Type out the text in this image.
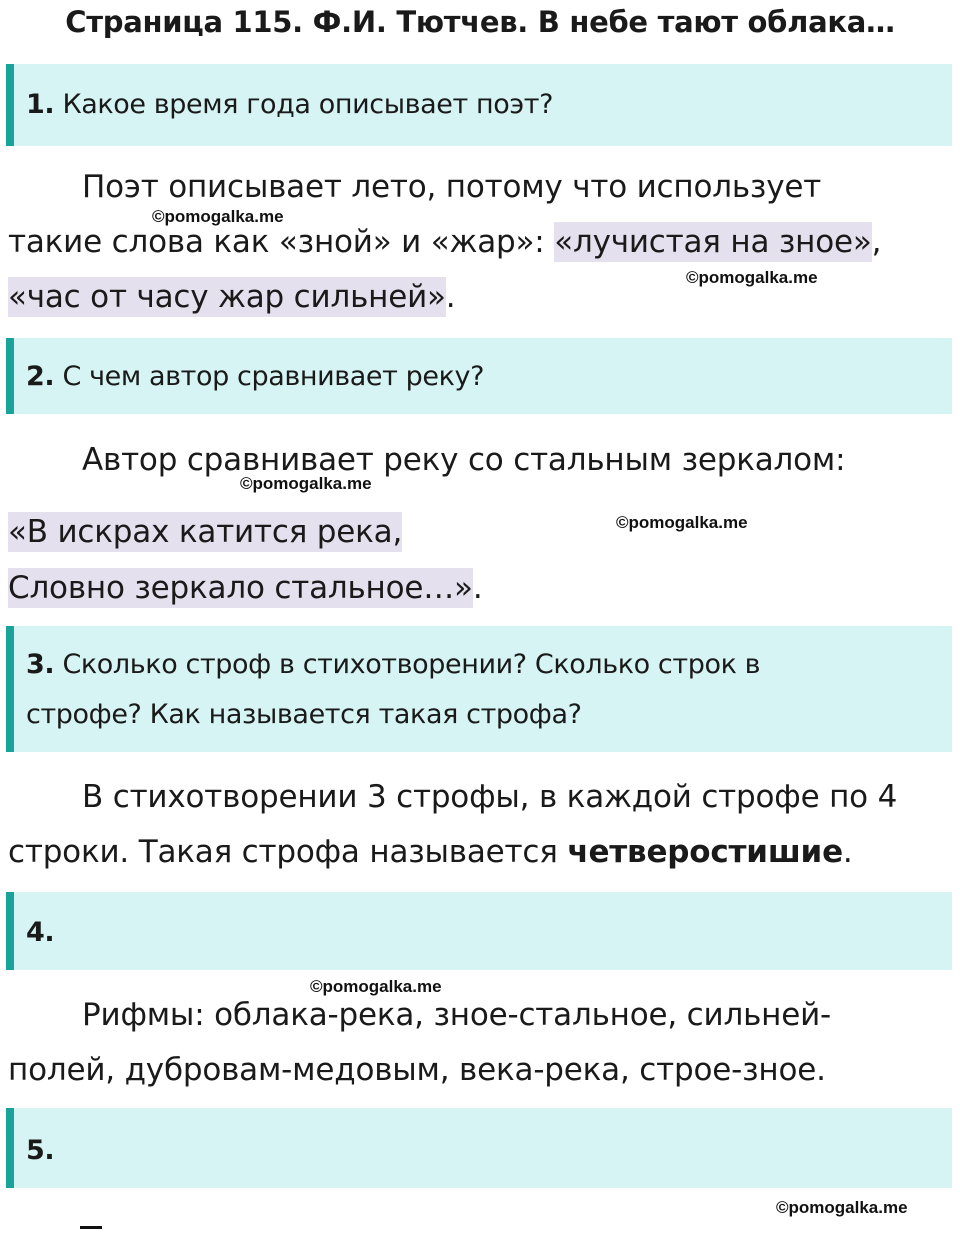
Страница 115. Ф.И. Тютчев. В небе тают облака…
1. Какое время года описывает поэт?
Поэт описывает лето, потому что использует
такие слова как «зной» и «жар»: «лучистая на зное»,
«час от часу жар сильней».
2. С чем автор сравнивает реку?
Автор сравнивает реку со стальным зеркалом:
«В искрах катится река,
Словно зеркало стальное…».
3. Сколько строф в стихотворении? Сколько строк в
строфе? Как называется такая строфа?
В стихотворении 3 строфы, в каждой строфе по 4
строки. Такая строфа называется четверостишие.
4.
Рифмы: облака-река, зное-стальное, сильней-
полей, дубровам-медовым, века-река, строе-зное.
5.
©pomogalka.me
©pomogalka.me
©pomogalka.me
©pomogalka.me
©pomogalka.me
©pomogalka.me
